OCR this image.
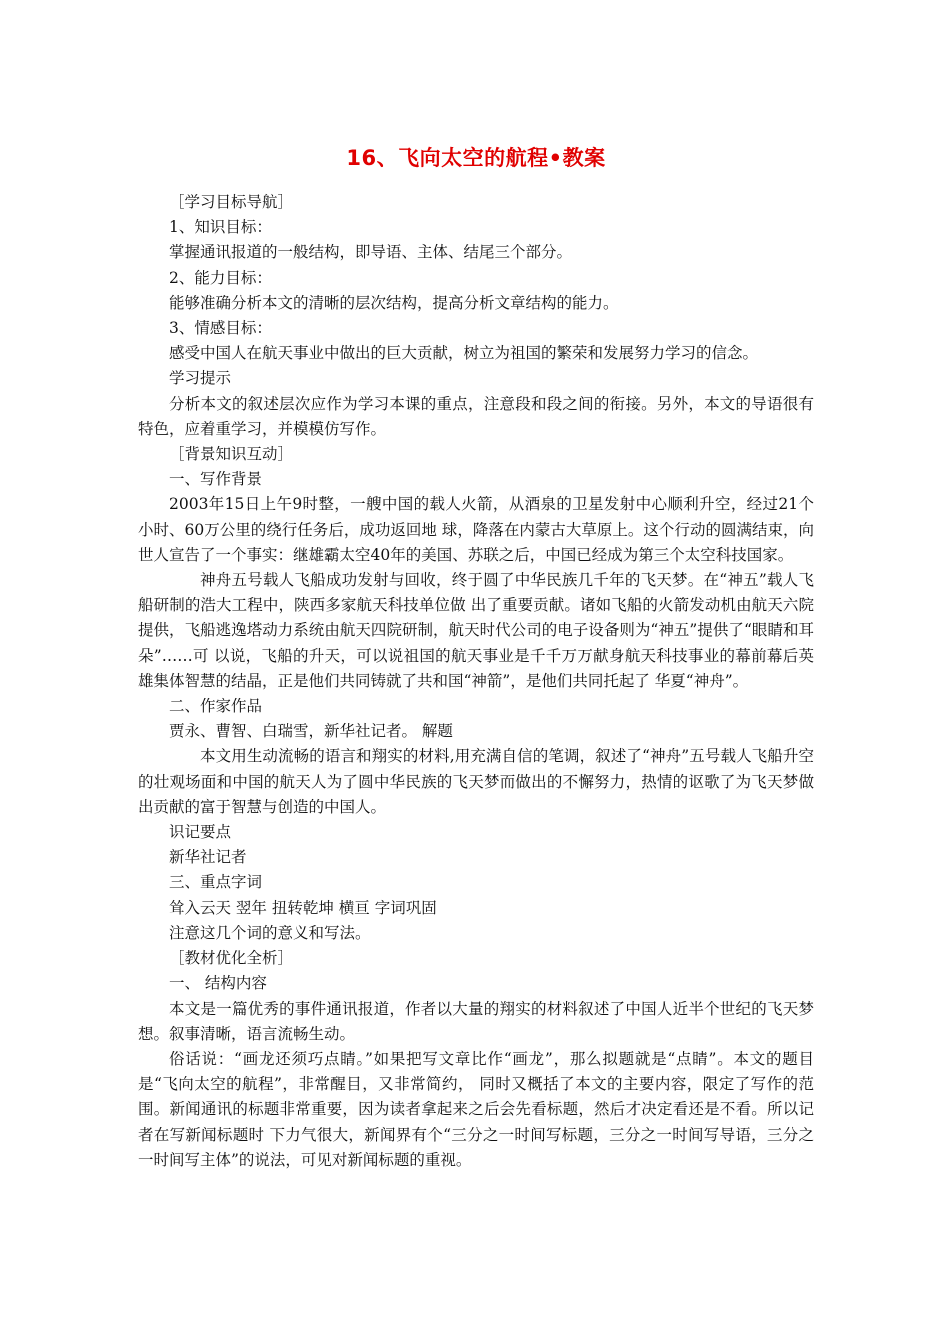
16、飞向太空的航程•教案

［学习目标导航］

1、知识目标：

掌握通讯报道的一般结构，即导语、主体、结尾三个部分。

2、能力目标：

能够准确分析本文的清晰的层次结构，提高分析文章结构的能力。

3、情感目标：

感受中国人在航天事业中做出的巨大贡献，树立为祖国的繁荣和发展努力学习的信念。

学习提示

分析本文的叙述层次应作为学习本课的重点，注意段和段之间的衔接。另外，本文的导语很有特色，应着重学习，并模模仿写作。

［背景知识互动］

一、写作背景

2003年15日上午9时整，一艘中国的载人火箭，从酒泉的卫星发射中心顺利升空，经过21个小时、60万公里的绕行任务后，成功返回地 球，降落在内蒙古大草原上。这个行动的圆满结束，向世人宣告了一个事实：继雄霸太空40年的美国、苏联之后，中国已经成为第三个太空科技国家。

神舟五号载人飞船成功发射与回收，终于圆了中华民族几千年的飞天梦。在“神五”载人飞船研制的浩大工程中，陕西多家航天科技单位做 出了重要贡献。诸如飞船的火箭发动机由航天六院提供，飞船逃逸塔动力系统由航天四院研制，航天时代公司的电子设备则为“神五”提供了“眼睛和耳朵”……可 以说，飞船的升天，可以说祖国的航天事业是千千万万献身航天科技事业的幕前幕后英雄集体智慧的结晶，正是他们共同铸就了共和国“神箭”，是他们共同托起了 华夏“神舟”。

二、作家作品

贾永、曹智、白瑞雪，新华社记者。 解题

本文用生动流畅的语言和翔实的材料,用充满自信的笔调，叙述了“神舟”五号载人飞船升空的壮观场面和中国的航天人为了圆中华民族的飞天梦而做出的不懈努力，热情的讴歌了为飞天梦做出贡献的富于智慧与创造的中国人。

识记要点

新华社记者

三、重点字词

耸入云天 翌年 扭转乾坤 横亘 字词巩固

注意这几个词的意义和写法。

［教材优化全析］

一、 结构内容

本文是一篇优秀的事件通讯报道，作者以大量的翔实的材料叙述了中国人近半个世纪的飞天梦想。叙事清晰，语言流畅生动。

俗话说：“画龙还须巧点睛。”如果把写文章比作“画龙”，那么拟题就是“点睛”。本文的题目是“飞向太空的航程”，非常醒目，又非常简约， 同时又概括了本文的主要内容，限定了写作的范围。新闻通讯的标题非常重要，因为读者拿起来之后会先看标题，然后才决定看还是不看。所以记者在写新闻标题时 下力气很大，新闻界有个“三分之一时间写标题，三分之一时间写导语，三分之一时间写主体”的说法，可见对新闻标题的重视。
